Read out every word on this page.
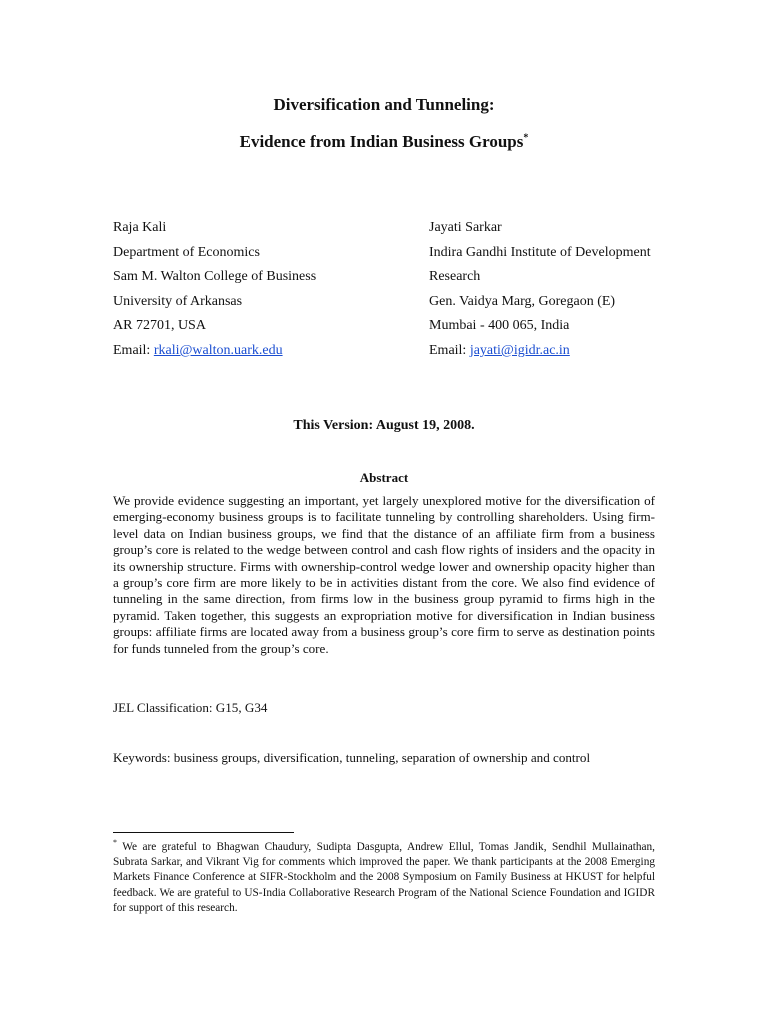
Diversification and Tunneling:
Evidence from Indian Business Groups*
Raja Kali
Department of Economics
Sam M. Walton College of Business
University of Arkansas
AR 72701, USA
Email: rkali@walton.uark.edu
Jayati Sarkar
Indira Gandhi Institute of Development
Research
Gen. Vaidya Marg, Goregaon (E)
Mumbai - 400 065, India
Email: jayati@igidr.ac.in
This Version: August 19, 2008.
Abstract

We provide evidence suggesting an important, yet largely unexplored motive for the diversification of emerging-economy business groups is to facilitate tunneling by controlling shareholders. Using firm-level data on Indian business groups, we find that the distance of an affiliate firm from a business group’s core is related to the wedge between control and cash flow rights of insiders and the opacity in its ownership structure. Firms with ownership-control wedge lower and ownership opacity higher than a group’s core firm are more likely to be in activities distant from the core. We also find evidence of tunneling in the same direction, from firms low in the business group pyramid to firms high in the pyramid. Taken together, this suggests an expropriation motive for diversification in Indian business groups: affiliate firms are located away from a business group’s core firm to serve as destination points for funds tunneled from the group’s core.

JEL Classification: G15, G34
Keywords: business groups, diversification, tunneling, separation of ownership and control

* We are grateful to Bhagwan Chaudury, Sudipta Dasgupta, Andrew Ellul, Tomas Jandik, Sendhil Mullainathan, Subrata Sarkar, and Vikrant Vig for comments which improved the paper. We thank participants at the 2008 Emerging Markets Finance Conference at SIFR-Stockholm and the 2008 Symposium on Family Business at HKUST for helpful feedback. We are grateful to US-India Collaborative Research Program of the National Science Foundation and IGIDR for support of this research.
